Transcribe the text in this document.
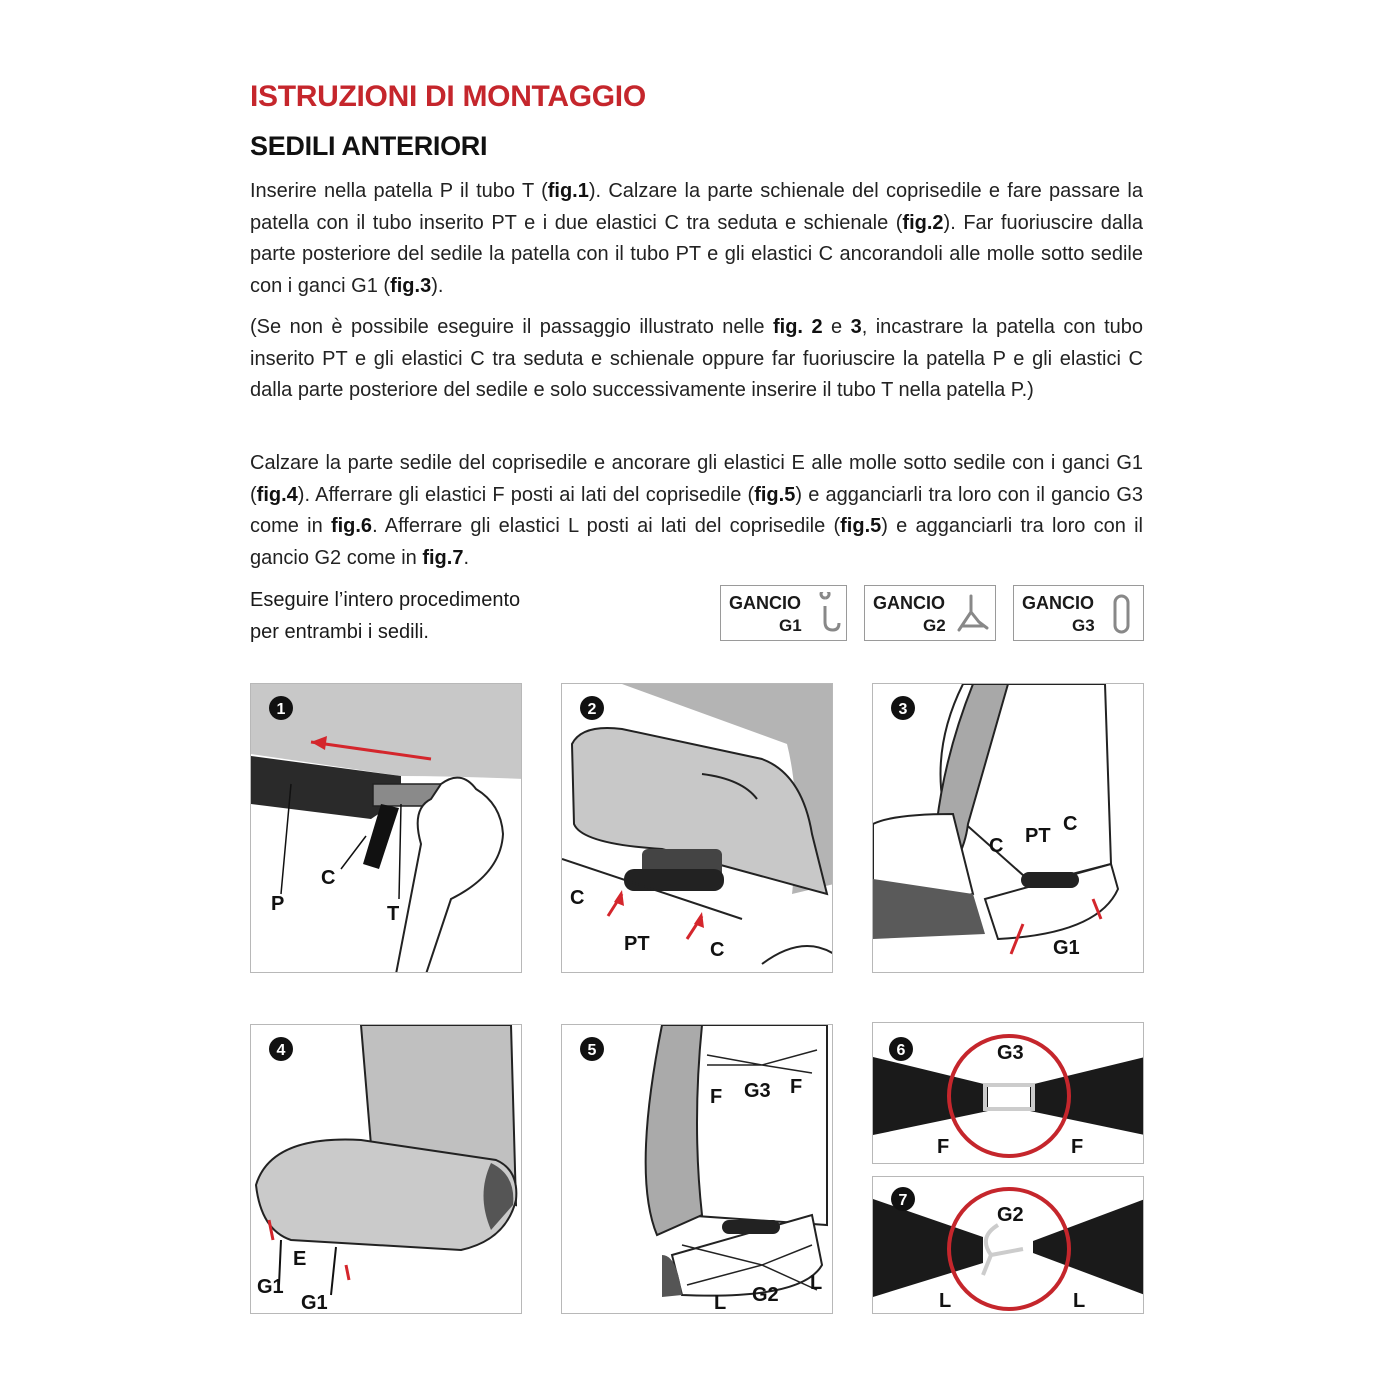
ISTRUZIONI DI MONTAGGIO
SEDILI ANTERIORI
Inserire nella patella P il tubo T (fig.1). Calzare la parte schienale del coprisedile e fare passare la patella con il tubo inserito PT e i due elastici C tra seduta e schienale (fig.2). Far fuoriuscire dalla parte posteriore del sedile la patella con il tubo PT e gli elastici C ancorandoli alle molle sotto sedile con i ganci G1 (fig.3).
(Se non è possibile eseguire il passaggio illustrato nelle fig. 2 e 3, incastrare la patella con tubo inserito PT e gli elastici C tra seduta e schienale oppure far fuoriuscire la patella P e gli elastici C dalla parte posteriore del sedile e solo successivamente inserire il tubo T nella patella P.)
Calzare la parte sedile del coprisedile e ancorare gli elastici E alle molle sotto sedile con i ganci G1 (fig.4). Afferrare gli elastici F posti ai lati del coprisedile (fig.5) e agganciarli tra loro con il gancio G3 come in fig.6. Afferrare gli elastici L posti ai lati del coprisedile (fig.5) e agganciarli tra loro con il gancio G2 come in fig.7.
Eseguire l’intero procedimento
per entrambi i sedili.
GANCIO
G1
GANCIO
G2
GANCIO
G3
1
P
C
T
2
C
PT	C
3
C PT
C
G1
4
E
G1
G1
5
F G3 F
G2
L
L
6	G3
F	F
7
G2
L	L
